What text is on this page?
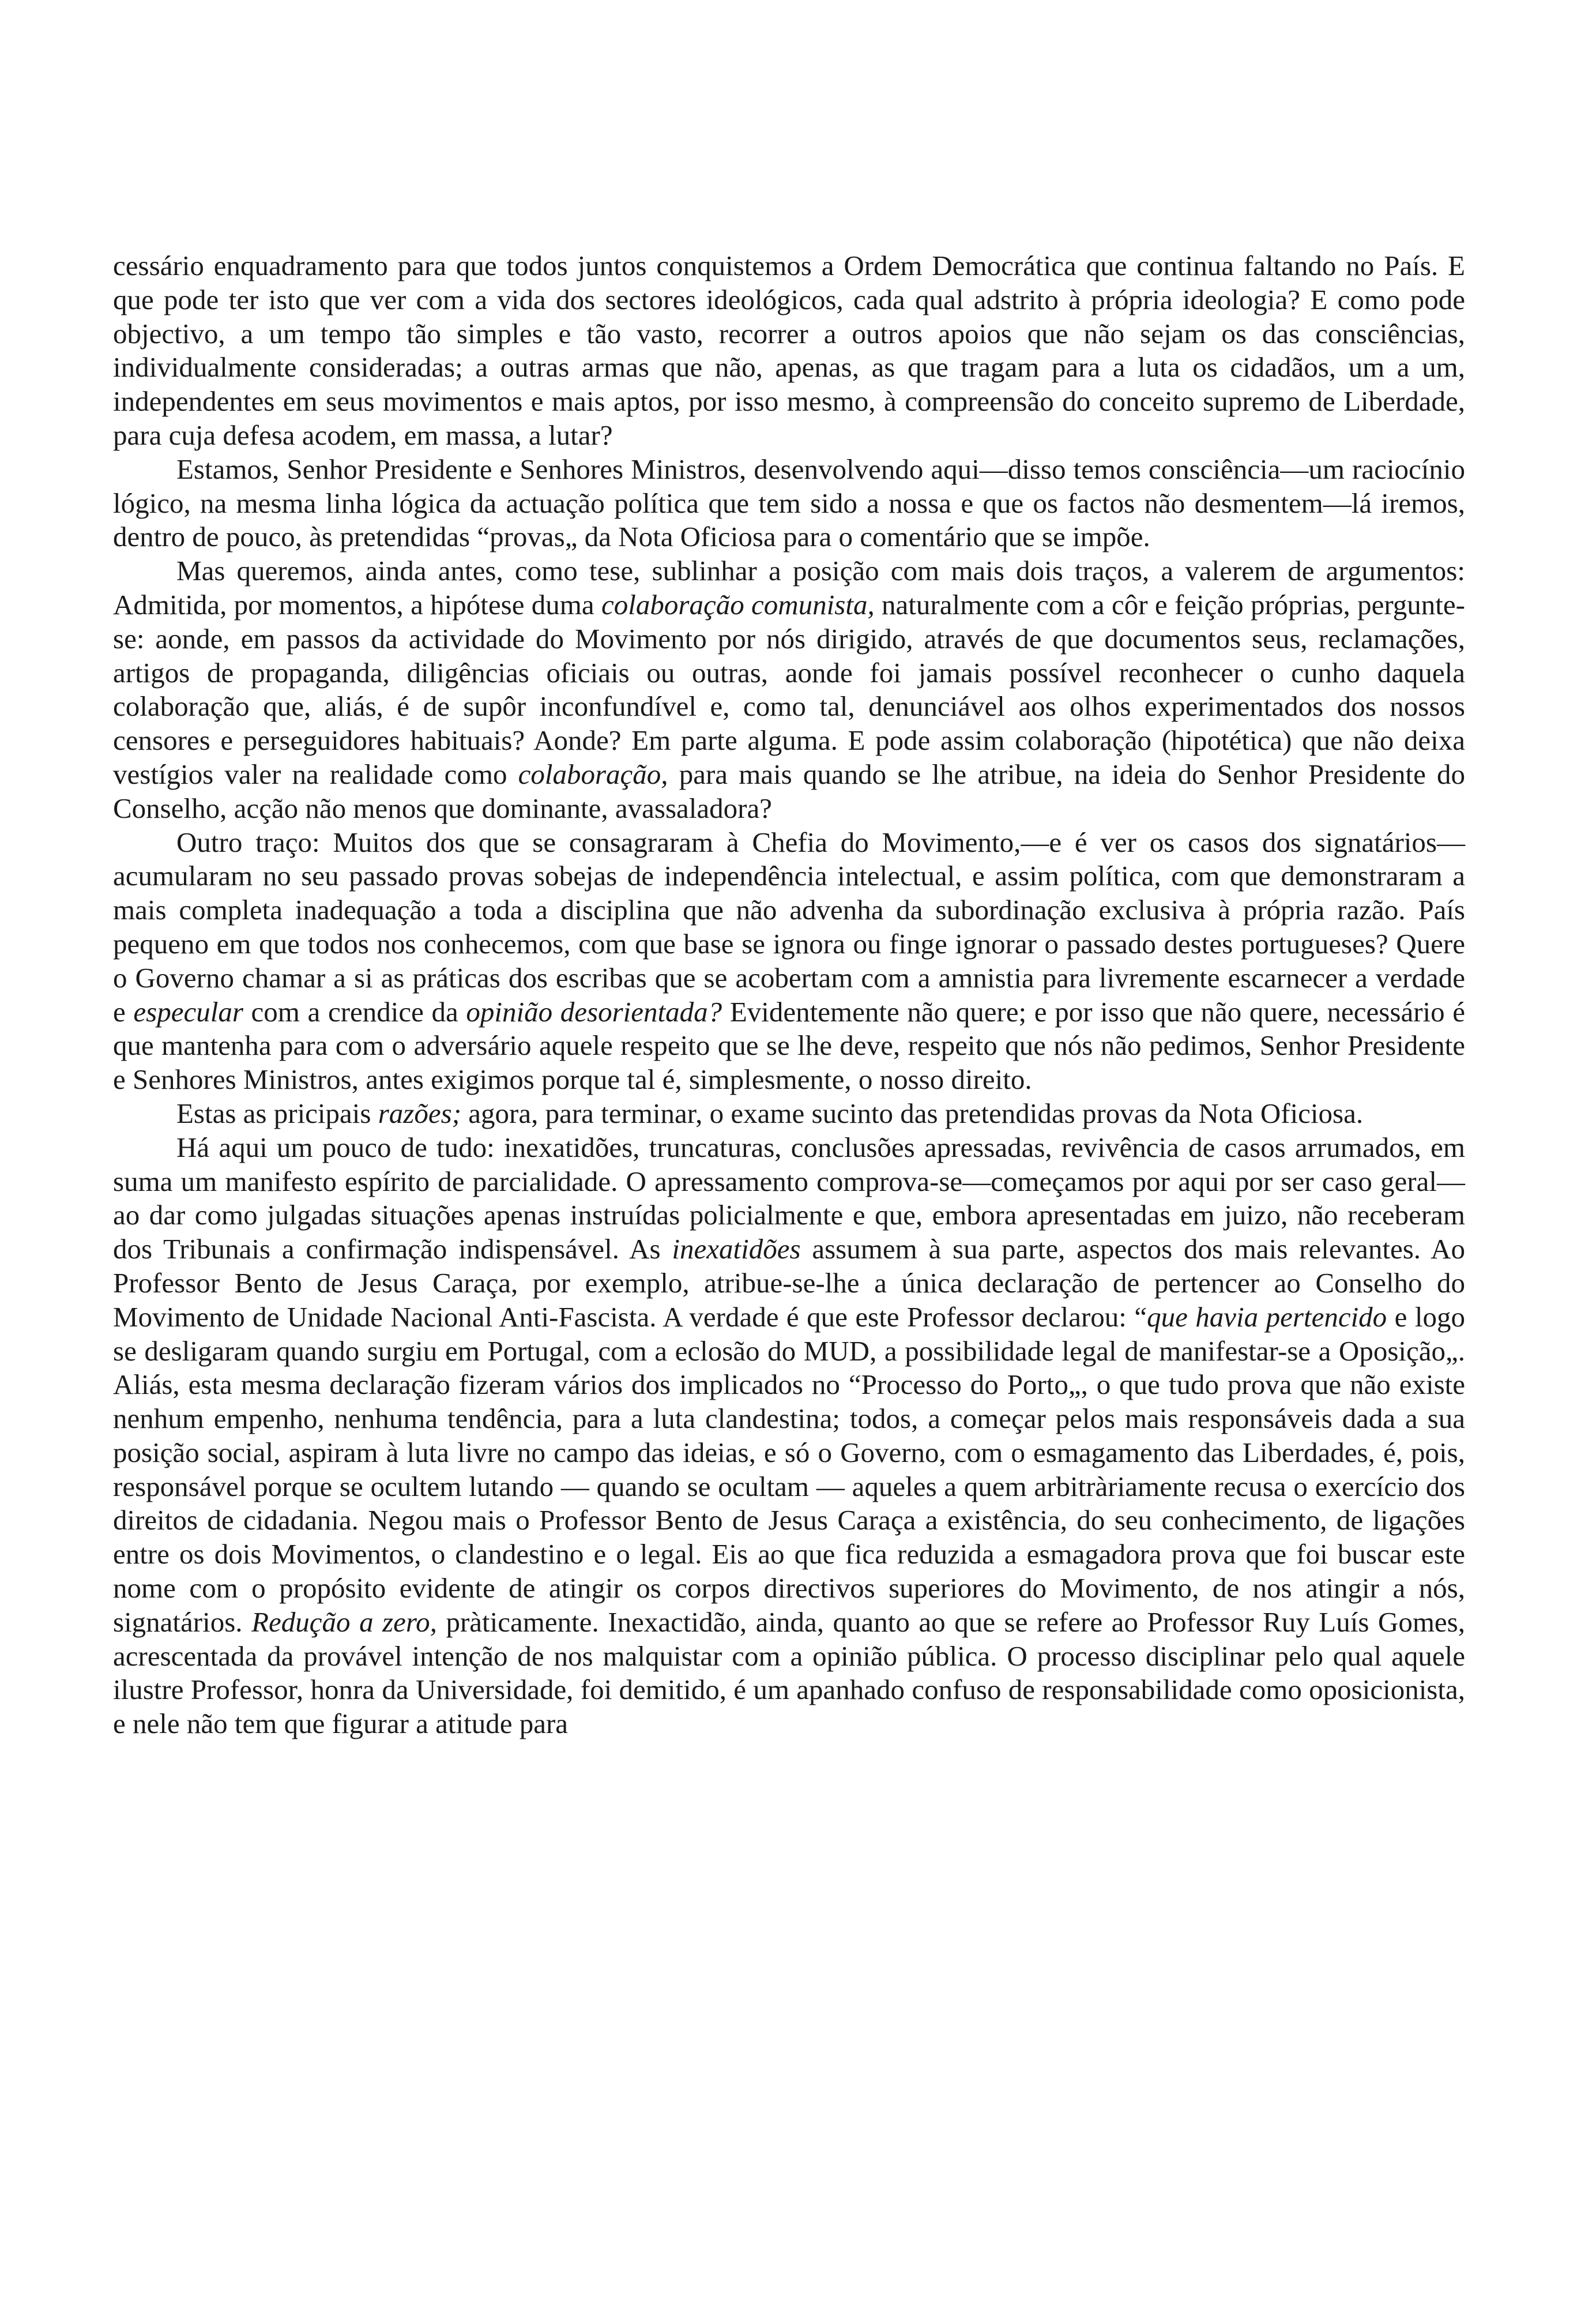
cessário enquadramento para que todos juntos conquistemos a Ordem Democrática que continua faltando no País. E que pode ter isto que ver com a vida dos sectores ideológicos, cada qual adstrito à própria ideologia? E como pode objectivo, a um tempo tão simples e tão vasto, recorrer a outros apoios que não sejam os das consciências, individualmente consideradas; a outras armas que não, apenas, as que tragam para a luta os cidadãos, um a um, independentes em seus movimentos e mais aptos, por isso mesmo, à compreensão do conceito supremo de Liberdade, para cuja defesa acodem, em massa, a lutar?

Estamos, Senhor Presidente e Senhores Ministros, desenvolvendo aqui—disso temos consciência—um raciocínio lógico, na mesma linha lógica da actuação política que tem sido a nossa e que os factos não desmentem—lá iremos, dentro de pouco, às pretendidas “provas„ da Nota Oficiosa para o comentário que se impõe.

Mas queremos, ainda antes, como tese, sublinhar a posição com mais dois traços, a valerem de argumentos: Admitida, por momentos, a hipótese duma colaboração comunista, naturalmente com a côr e feição próprias, pergunte-se: aonde, em passos da actividade do Movimento por nós dirigido, através de que documentos seus, reclamações, artigos de propaganda, diligências oficiais ou outras, aonde foi jamais possível reconhecer o cunho daquela colaboração que, aliás, é de supôr inconfundível e, como tal, denunciável aos olhos experimentados dos nossos censores e perseguidores habituais? Aonde? Em parte alguma. E pode assim colaboração (hipotética) que não deixa vestígios valer na realidade como colaboração, para mais quando se lhe atribue, na ideia do Senhor Presidente do Conselho, acção não menos que dominante, avassaladora?

Outro traço: Muitos dos que se consagraram à Chefia do Movimento,—e é ver os casos dos signatários—acumularam no seu passado provas sobejas de independência intelectual, e assim política, com que demonstraram a mais completa inadequação a toda a disciplina que não advenha da subordinação exclusiva à própria razão. País pequeno em que todos nos conhecemos, com que base se ignora ou finge ignorar o passado destes portugueses? Quere o Governo chamar a si as práticas dos escribas que se acobertam com a amnistia para livremente escarnecer a verdade e especular com a crendice da opinião desorientada? Evidentemente não quere; e por isso que não quere, necessário é que mantenha para com o adversário aquele respeito que se lhe deve, respeito que nós não pedimos, Senhor Presidente e Senhores Ministros, antes exigimos porque tal é, simplesmente, o nosso direito.

Estas as pricipais razões; agora, para terminar, o exame sucinto das pretendidas provas da Nota Oficiosa.

Há aqui um pouco de tudo: inexatidões, truncaturas, conclusões apressadas, revivência de casos arrumados, em suma um manifesto espírito de parcialidade. O apressamento comprova-se—começamos por aqui por ser caso geral—ao dar como julgadas situações apenas instruídas policialmente e que, embora apresentadas em juizo, não receberam dos Tribunais a confirmação indispensável. As inexatidões assumem à sua parte, aspectos dos mais relevantes. Ao Professor Bento de Jesus Caraça, por exemplo, atribue-se-lhe a única declaração de pertencer ao Conselho do Movimento de Unidade Nacional Anti-Fascista. A verdade é que este Professor declarou: “que havia pertencido e logo se desligaram quando surgiu em Portugal, com a eclosão do MUD, a possibilidade legal de manifestar-se a Oposição„. Aliás, esta mesma declaração fizeram vários dos implicados no “Processo do Porto„, o que tudo prova que não existe nenhum empenho, nenhuma tendência, para a luta clandestina; todos, a começar pelos mais responsáveis dada a sua posição social, aspiram à luta livre no campo das ideias, e só o Governo, com o esmagamento das Liberdades, é, pois, responsável porque se ocultem lutando — quando se ocultam — aqueles a quem arbitràriamente recusa o exercício dos direitos de cidadania. Negou mais o Professor Bento de Jesus Caraça a existência, do seu conhecimento, de ligações entre os dois Movimentos, o clandestino e o legal. Eis ao que fica reduzida a esmagadora prova que foi buscar este nome com o propósito evidente de atingir os corpos directivos superiores do Movimento, de nos atingir a nós, signatários. Redução a zero, pràticamente. Inexactidão, ainda, quanto ao que se refere ao Professor Ruy Luís Gomes, acrescentada da provável intenção de nos malquistar com a opinião pública. O processo disciplinar pelo qual aquele ilustre Professor, honra da Universidade, foi demitido, é um apanhado confuso de responsabilidade como oposicionista, e nele não tem que figurar a atitude para
